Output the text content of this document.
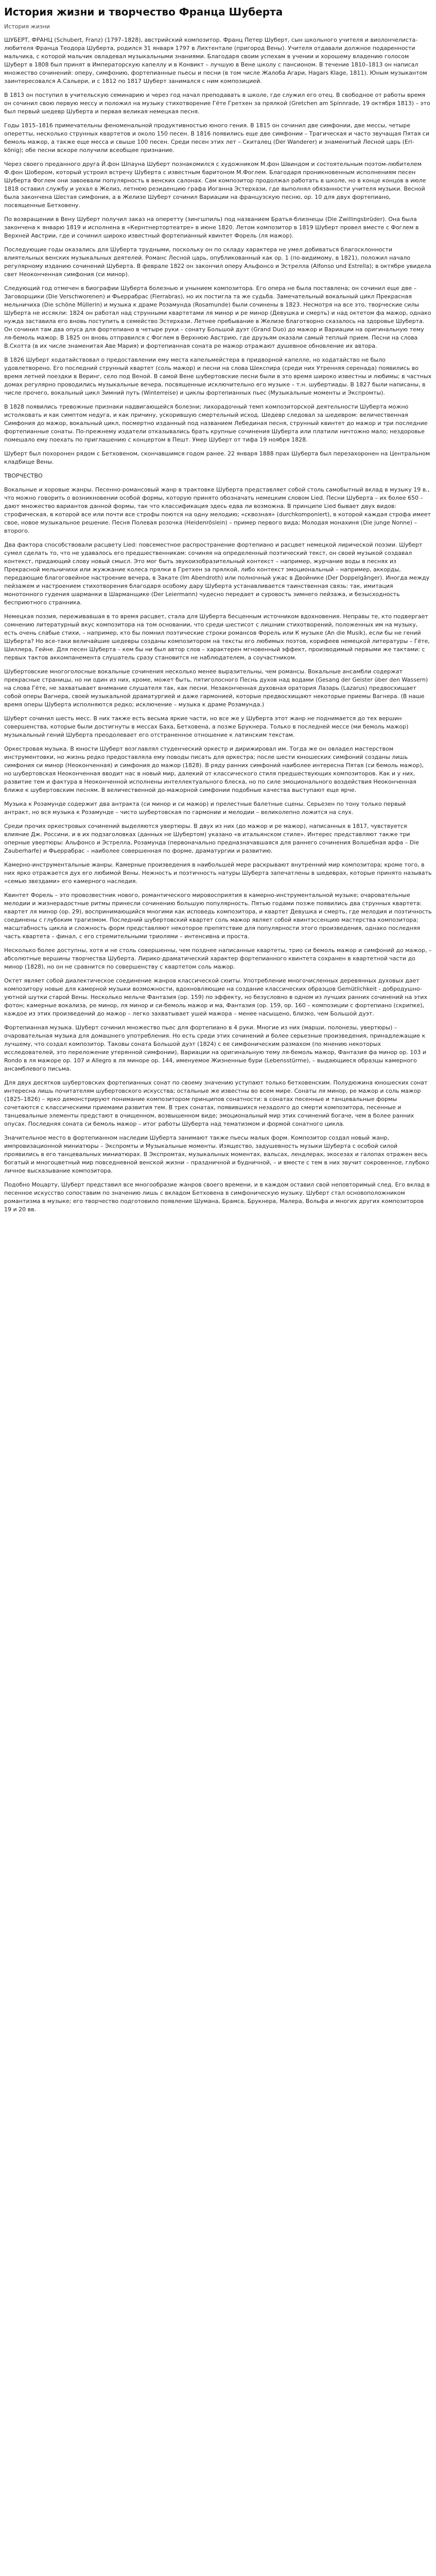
История жизни и творчество Франца Шуберта
История жизни

ШУБЕРТ, ФРАНЦ (Schubert, Franz) (1797–1828), австрийский композитор. Франц Петер Шуберт, сын школьного учителя и виолончелиста-любителя Франца Теодора Шуберта, родился 31 января 1797 в Лихтентале (пригород Вены). Учителя отдавали должное подаренности мальчика, с которой мальчик овладевал музыкальными знаниями. Благодаря своим успехам в учении и хорошему владению голосом Шуберт в 1808 был принят в Императорскую капеллу и в Конвикт – лучшую в Вене школу с пансионом. В течение 1810–1813 он написал множество сочинений: оперу, симфонию, фортепианные пьесы и песни (в том числе Жалоба Агари, Hagars Klage, 1811). Юным музыкантом заинтересовался А.Сальери, и с 1812 по 1817 Шуберт занимался с ним композицией.

В 1813 он поступил в учительскую семинарию и через год начал преподавать в школе, где служил его отец. В свободное от работы время он сочинил свою первую мессу и положил на музыку стихотворение Гёте Гретхен за прялкой (Gretchen am Spinnrade, 19 октября 1813) – это был первый шедевр Шуберта и первая великая немецкая песня.

Годы 1815–1816 примечательны феноменальной продуктивностью юного гения. В 1815 он сочинил две симфонии, две мессы, четыре оперетты, несколько струнных квартетов и около 150 песен. В 1816 появились еще две симфонии – Трагическая и часто звучащая Пятая си бемоль мажор, а также еще месса и свыше 100 песен. Среди песен этих лет – Скиталец (Der Wanderer) и знаменитый Лесной царь (Erl-könig); обе песни вскоре получили всеобщее признание.

Через своего преданного друга Й.фон Шпауна Шуберт познакомился с художником М.фон Швиндом и состоятельным поэтом-любителем Ф.фон Шобером, который устроил встречу Шуберта с известным баритоном М.Фоглем. Благодаря проникновенным исполнениям песен Шуберта Фоглем они завоевали популярность в венских салонах. Сам композитор продолжал работать в школе, но в конце концов в июле 1818 оставил службу и уехал в Желиз, летнюю резиденцию графа Иоганна Эстерхази, где выполнял обязанности учителя музыки. Весной была закончена Шестая симфония, а в Желизе Шуберт сочинил Вариации на французскую песню, ор. 10 для двух фортепиано, посвященные Бетховену.

По возвращении в Вену Шуберт получил заказ на оперетту (зингшпиль) под названием Братья-близнецы (Die Zwillingsbrüder). Она была закончена к январю 1819 и исполнена в «Кернтнертортеатре» в июне 1820. Летом композитор в 1819 Шуберт провел вместе с Фоглем в Верхней Австрии, где и сочинил широко известный фортепианный квинтет Форель (ля мажор).

Последующие годы оказались для Шуберта трудными, поскольку он по складу характера не умел добиваться благосклонности влиятельных венских музыкальных деятелей. Романс Лесной царь, опубликованный как ор. 1 (по-видимому, в 1821), положил начало регулярному изданию сочинений Шуберта. В феврале 1822 он закончил оперу Альфонсо и Эстрелла (Alfonso und Estrella); в октябре увидела свет Неоконченная симфония (си минор).

Следующий год отмечен в биографии Шуберта болезнью и унынием композитора. Его опера не была поставлена; он сочинил еще две – Заговорщики (Die Verschworenen) и Фьеррабрас (Fierrabras), но их постигла та же судьба. Замечательный вокальный цикл Прекрасная мельничиха (Die schöne Müllerin) и музыка к драме Розамунда (Rosamunde) были сочинены в 1823. Несмотря на все это, творческие силы Шуберта не иссякли: 1824 он работал над струнными квартетами ля минор и ре минор (Девушка и смерть) и над октетом фа мажор, однако нужда заставила его вновь поступить в семейство Эстерхази. Летнее пребывание в Желизе благотворно сказалось на здоровье Шуберта. Он сочинил там два опуса для фортепиано в четыре руки – сонату Большой дуэт (Grand Duo) до мажор и Вариации на оригинальную тему ля-бемоль мажор. В 1825 он вновь отправился с Фоглем в Верхнюю Австрию, где друзьям оказали самый теплый прием. Песни на слова В.Скотта (в их числе знаменитая Аве Мария) и фортепианная соната ре мажор отражают душевное обновление их автора.

В 1826 Шуберт ходатайствовал о предоставлении ему места капельмейстера в придворной капелле, но ходатайство не было удовлетворено. Его последний струнный квартет (соль мажор) и песни на слова Шекспира (среди них Утренняя серенада) появились во время летней поездки в Веринг, село под Веной. В самой Вене шубертовские песни были в это время широко известны и любимы; в частных домах регулярно проводились музыкальные вечера, посвященные исключительно его музыке – т.н. шубертиады. В 1827 были написаны, в числе прочего, вокальный цикл Зимний путь (Winterreise) и циклы фортепианных пьес (Музыкальные моменты и Экспромты).

В 1828 появились тревожные признаки надвигающейся болезни; лихорадочный темп композиторской деятельности Шуберта можно истолковать и как симптом недуга, и как причину, ускорившую смертельный исход. Шедевр следовал за шедевром: величественная Симфония до мажор, вокальный цикл, посмертно изданный под названием Лебединая песня, струнный квинтет до мажор и три последние фортепианные сонаты. По-прежнему издатели отказывались брать крупные сочинения Шуберта или платили ничтожно мало; нездоровье помешало ему поехать по приглашению с концертом в Пешт. Умер Шуберт от тифа 19 ноября 1828.

Шуберт был похоронен рядом с Бетховеном, скончавшимся годом ранее. 22 января 1888 прах Шуберта был перезахоронен на Центральном кладбище Вены.

ТВОРЧЕСТВО

Вокальные и хоровые жанры. Песенно-романсовый жанр в трактовке Шуберта представляет собой столь самобытный вклад в музыку 19 в., что можно говорить о возникновении особой формы, которую принято обозначать немецким словом Lied. Песни Шуберта – их более 650 – дают множество вариантов данной формы, так что классификация здесь едва ли возможна. В принципе Lied бывает двух видов: строфическая, в которой все или почти все строфы поются на одну мелодию; «сквозная» (durchkomponiert), в которой каждая строфа имеет свое, новое музыкальное решение. Песня Полевая розочка (Heidenröslein) – пример первого вида; Молодая монахиня (Die junge Nonne) – второго.

Два фактора способствовали расцвету Lied: повсеместное распространение фортепиано и расцвет немецкой лирической поэзии. Шуберт сумел сделать то, что не удавалось его предшественникам: сочиняя на определенный поэтический текст, он своей музыкой создавал контекст, придающий слову новый смысл. Это мог быть звукоизобразительный контекст – например, журчание воды в песнях из Прекрасной мельничихи или жужжание колеса прялки в Гретхен за прялкой, либо контекст эмоциональный – например, аккорды, передающие благоговейное настроение вечера, в Закате (Im Abendroth) или полночный ужас в Двойнике (Der Doppelgänger). Иногда между пейзажем и настроением стихотворения благодаря особому дару Шуберта устанавливается таинственная связь: так, имитация монотонного гудения шарманки в Шарманщике (Der Leiermann) чудесно передает и суровость зимнего пейзажа, и безысходность бесприютного странника.

Немецкая поэзия, переживавшая в то время расцвет, стала для Шуберта бесценным источником вдохновения. Неправы те, кто подвергает сомнению литературный вкус композитора на том основании, что среди шестисот с лишним стихотворений, положенных им на музыку, есть очень слабые стихи, – например, кто бы помнил поэтические строки романсов Форель или К музыке (An die Musik), если бы не гений Шуберта? Но все-таки величайшие шедевры созданы композитором на тексты его любимых поэтов, корифеев немецкой литературы – Гёте, Шиллера, Гейне. Для песен Шуберта – кем бы ни был автор слов – характерен мгновенный эффект, производимый первыми же тактами: с первых тактов аккомпанемента слушатель сразу становится не наблюдателем, а соучастником.

Шубертовские многоголосные вокальные сочинения несколько менее выразительны, чем романсы. Вокальные ансамбли содержат прекрасные страницы, но ни один из них, кроме, может быть, пятиголосного Песнь духов над водами (Gesang der Geister über den Wassern) на слова Гёте, не захватывает внимание слушателя так, как песни. Незаконченная духовная оратория Лазарь (Lazarus) предвосхищает собой оперы Вагнера, своей музыкальной драматургией и даже гармонией, которые предвосхищают некоторые приемы Вагнера. (В наше время оперы Шуберта исполняются редко; исключение – музыка к драме Розамунда.)

Шуберт сочинил шесть месс. В них также есть весьма яркие части, но все же у Шуберта этот жанр не поднимается до тех вершин совершенства, которые были достигнуты в мессах Баха, Бетховена, а позже Брукнера. Только в последней мессе (ми бемоль мажор) музыкальный гений Шуберта преодолевает его отстраненное отношение к латинским текстам.

Оркестровая музыка. В юности Шуберт возглавлял студенческий оркестр и дирижировал им. Тогда же он овладел мастерством инструментовки, но жизнь редко предоставляла ему поводы писать для оркестра; после шести юношеских симфоний созданы лишь симфония си минор (Неоконченная) и симфония до мажор (1828). В ряду ранних симфоний наиболее интересна Пятая (си бемоль мажор), но шубертовская Неоконченная вводит нас в новый мир, далекий от классического стиля предшествующих композиторов. Как и у них, развитие тем и фактура в Неоконченной исполнены интеллектуального блеска, но по силе эмоционального воздействия Неоконченная ближе к шубертовским песням. В величественной до-мажорной симфонии подобные качества выступают еще ярче.

Музыка к Розамунде содержит два антракта (си минор и си мажор) и прелестные балетные сцены. Серьезен по тону только первый антракт, но вся музыка к Розамунде – чисто шубертовская по гармонии и мелодии – великолепно ложится на слух.

Среди прочих оркестровых сочинений выделяются увертюры. В двух из них (до мажор и ре мажор), написанных в 1817, чувствуется влияние Дж. Россини, и в их подзаголовках (данных не Шубертом) указано «в итальянском стиле». Интерес представляют также три оперные увертюры: Альфонсо и Эстрелла, Розамунда (первоначально предназначавшаяся для раннего сочинения Волшебная арфа – Die Zauberharfe) и Фьеррабрас – наиболее совершенная по форме, драматургии и развитию.

Камерно-инструментальные жанры. Камерные произведения в наибольшей мере раскрывают внутренний мир композитора; кроме того, в них ярко отражается дух его любимой Вены. Нежность и поэтичность натуры Шуберта запечатлены в шедеврах, которые принято называть «семью звездами» его камерного наследия.

Квинтет Форель – это провозвестник нового, романтического мировосприятия в камерно-инструментальной музыке; очаровательные мелодии и жизнерадостные ритмы принесли сочинению большую популярность. Пятью годами позже появились два струнных квартета: квартет ля минор (ор. 29), воспринимающийся многими как исповедь композитора, и квартет Девушка и смерть, где мелодия и поэтичность соединены с глубоким трагизмом. Последний шубертовский квартет соль мажор являет собой квинтэссенцию мастерства композитора; масштабность цикла и сложность форм представляют некоторое препятствие для популярности этого произведения, однако последняя часть квартета – финал, с его стремительными триолями – интенсивна и проста.

Несколько более доступны, хотя и не столь совершенны, чем позднее написанные квартеты, трио си бемоль мажор и симфоний до мажор, – абсолютные вершины творчества Шуберта. Лирико-драматический характер фортепианного квинтета сохранен в квартетной части до минор (1828), но он не сравнится по совершенству с квартетом соль мажор.

Октет являет собой диалектическое соединение жанров классической сюиты. Употребление многочисленных деревянных духовых дает композитору новые для камерной музыки возможности, вдохновляющие на создание классических образцов Gemütlichkeit - добродушно-уютной шутки старой Вены. Несколько мельче Фантазия (ор. 159) по эффекту, но безусловно в одном из лучших ранних сочинений на этих фотон; камерные вокализа, ре минор, ля минор и си-бемоль мажор и ма, Фантазия (ор. 159, ор. 160 – композиции с фортепиано (скрипке), каждое из этих произведений до мажор – легко захватывает ушей мажора – менее насыщено, близко, чем Большой дуэт.

Фортепианная музыка. Шуберт сочинил множество пьес для фортепиано в 4 руки. Многие из них (марши, полонезы, увертюры) – очаровательная музыка для домашнего употребления. Но есть среди этих сочинений и более серьезные произведения, принадлежащие к лучшему, что создал композитор. Таковы соната Большой дуэт (1824) с ее симфоническим размахом (по мнению некоторых исследователей, это переложение утерянной симфонии), Вариации на оригинальную тему ля-бемоль мажор, Фантазия фа минор ор. 103 и Rondo в ля мажоре ор. 107 и Allegro в ля миноре ор. 144, именуемое Жизненные бури (Lebensstürme), – выдающиеся образцы камерного ансамблевого письма.

Для двух десятков шубертовских фортепианных сонат по своему значению уступают только бетховенским. Полудюжина юношеских сонат интересна лишь почитателям шубертовского искусства; остальные же известны во всем мире. Сонаты ля минор, ре мажор и соль мажор (1825–1826) – ярко демонстрируют понимание композитором принципов сонатности: в сонатах песенные и танцевальные формы сочетаются с классическими приемами развития тем. В трех сонатах, появившихся незадолго до смерти композитора, песенные и танцевальные элементы предстают в очищенном, возвышенном виде; эмоциональный мир этих сочинений богаче, чем в более ранних опусах. Последняя соната си бемоль мажор – итог работы Шуберта над тематизмом и формой сонатного цикла.

Значительное место в фортепианном наследии Шуберта занимают также пьесы малых форм. Композитор создал новый жанр, импровизационной миниатюры – Экспромты и Музыкальные моменты. Изящество, задушевность музыки Шуберта с особой силой проявились в его танцевальных миниатюрах. В Экспромтах, музыкальных моментах, вальсах, лендлерах, экосезах и галопах отражен весь богатый и многоцветный мир повседневной венской жизни – праздничной и будничной, – и вместе с тем в них звучит сокровенное, глубоко личное высказывание композитора.

Подобно Моцарту, Шуберт представил все многообразие жанров своего времени, и в каждом оставил свой неповторимый след. Его вклад в песенное искусство сопоставим по значению лишь с вкладом Бетховена в симфоническую музыку. Шуберт стал основоположником романтизма в музыке; его творчество подготовило появление Шумана, Брамса, Брукнера, Малера, Вольфа и многих других композиторов 19 и 20 вв.
